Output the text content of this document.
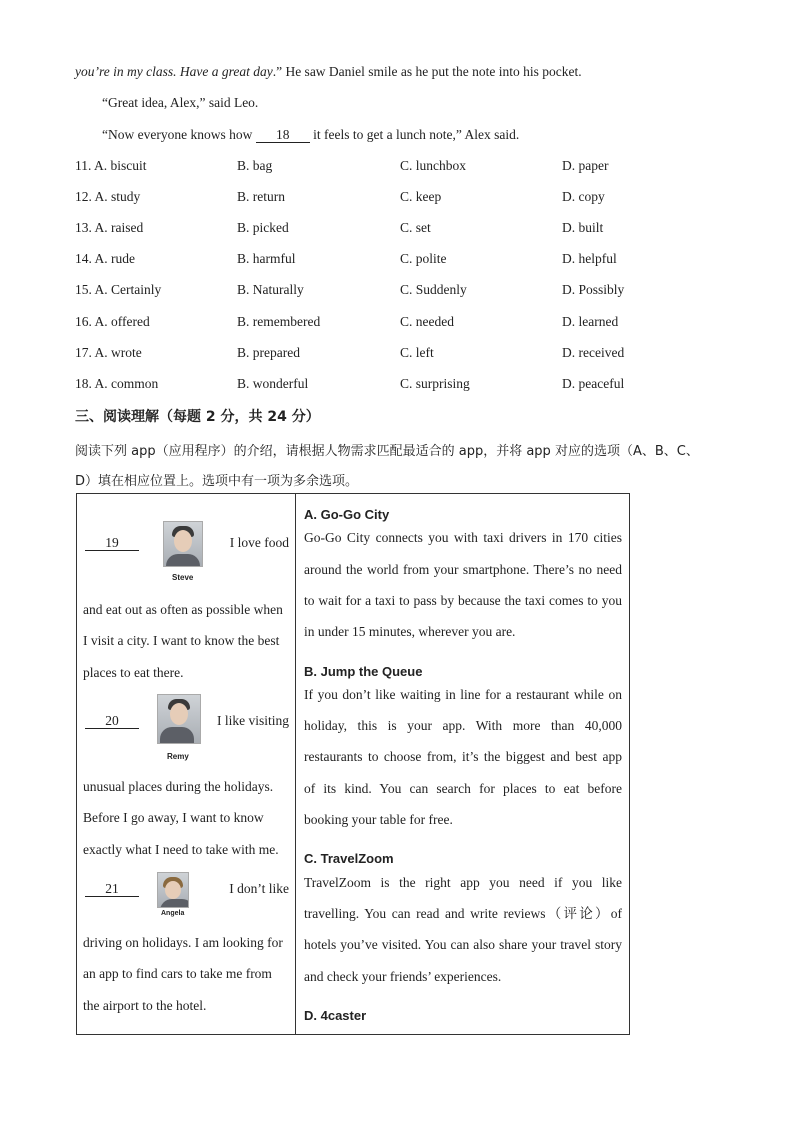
you’re in my class. Have a great day.” He saw Daniel smile as he put the note into his pocket.
“Great idea, Alex,” said Leo.
“Now everyone knows how 18 it feels to get a lunch note,” Alex said.
11. A. biscuit	B. bag	C. lunchbox	D. paper
12. A. study	B. return	C. keep	D. copy
13. A. raised	B. picked	C. set	D. built
14. A. rude	B. harmful	C. polite	D. helpful
15. A. Certainly	B. Naturally	C. Suddenly	D. Possibly
16. A. offered	B. remembered	C. needed	D. learned
17. A. wrote	B. prepared	C. left	D. received
18. A. common	B. wonderful	C. surprising	D. peaceful
三、阅读理解（每题 2 分，共 24 分）
阅读下列 app（应用程序）的介绍，请根据人物需求匹配最适合的 app，并将 app 对应的选项（A、B、C、
D）填在相应位置上。选项中有一项为多余选项。
19	I love food
Steve
and eat out as often as possible when
I visit a city. I want to know the best
places to eat there.
20	I like visiting
Remy
unusual places during the holidays.
Before I go away, I want to know
exactly what I need to take with me.
21	I don’t like
Angela
driving on holidays. I am looking for
an app to find cars to take me from
the airport to the hotel.

A. Go-Go City
Go-Go City connects you with taxi drivers in 170 cities
around the world from your smartphone. There’s no need
to wait for a taxi to pass by because the taxi comes to you
in under 15 minutes, wherever you are.
B. Jump the Queue
If you don’t like waiting in line for a restaurant while on
holiday, this is your app. With more than 40,000
restaurants to choose from, it’s the biggest and best app
of its kind. You can search for places to eat before
booking your table for free.
C. TravelZoom
TravelZoom is the right app you need if you like
travelling. You can read and write reviews（评论）of
hotels you’ve visited. You can also share your travel story
and check your friends’ experiences.
D. 4caster
